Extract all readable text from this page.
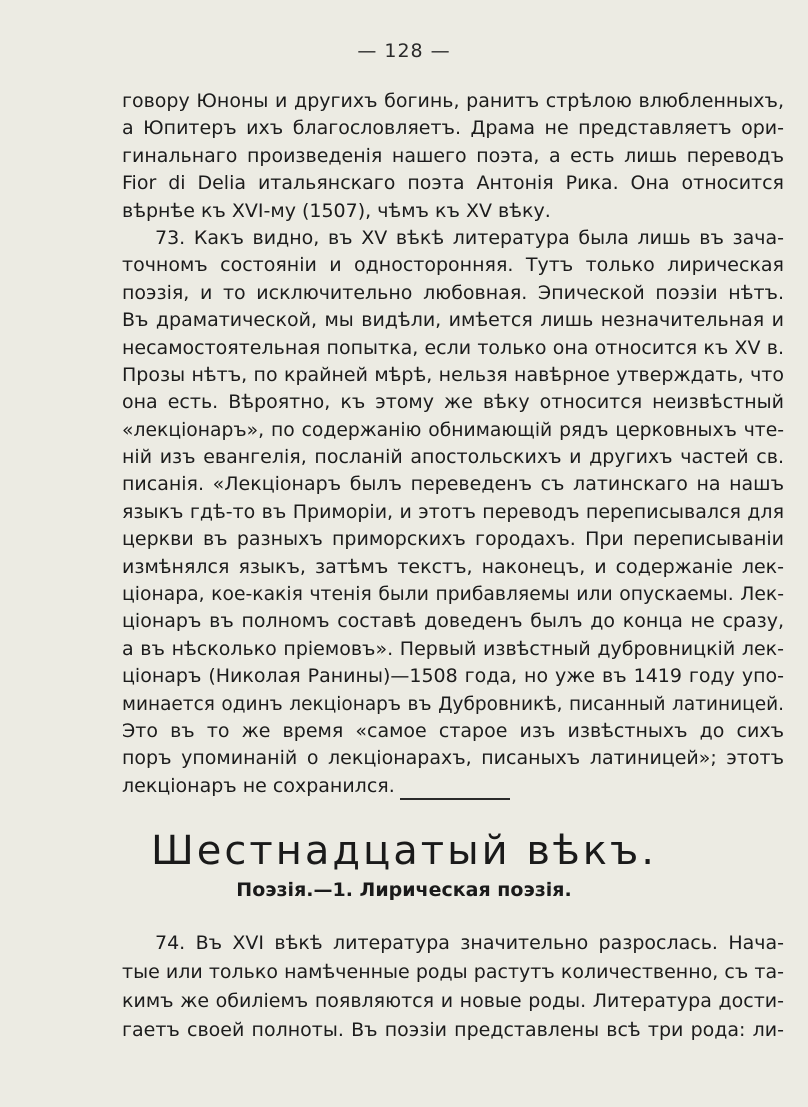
— 128 —
говору Юноны и другихъ богинь, ранитъ стрѣлою влюбленныхъ,
а Юпитеръ ихъ благословляетъ. Драма не представляетъ ори-
гинальнаго произведенія нашего поэта, а есть лишь переводъ
Fior di Delia итальянскаго поэта Антонія Рика. Она относится
вѣрнѣе къ XVI-му (1507), чѣмъ къ XV вѣку.
73. Какъ видно, въ XV вѣкѣ литература была лишь въ зача-
точномъ состояніи и односторонняя. Тутъ только лирическая
поэзія, и то исключительно любовная. Эпической поэзіи нѣтъ.
Въ драматической, мы видѣли, имѣется лишь незначительная и
несамостоятельная попытка, если только она относится къ XV в.
Прозы нѣтъ, по крайней мѣрѣ, нельзя навѣрное утверждать, что
она есть. Вѣроятно, къ этому же вѣку относится неизвѣстный
«лекціонаръ», по содержанію обнимающій рядъ церковныхъ чте-
ній изъ евангелія, посланій апостольскихъ и другихъ частей св.
писанія. «Лекціонаръ былъ переведенъ съ латинскаго на нашъ
языкъ гдѣ-то въ Приморіи, и этотъ переводъ переписывался для
церкви въ разныхъ приморскихъ городахъ. При переписываніи
измѣнялся языкъ, затѣмъ текстъ, наконецъ, и содержаніе лек-
ціонара, кое-какія чтенія были прибавляемы или опускаемы. Лек-
ціонаръ въ полномъ составѣ доведенъ былъ до конца не сразу,
а въ нѣсколько пріемовъ». Первый извѣстный дубровницкій лек-
ціонаръ (Николая Ранины)—1508 года, но уже въ 1419 году упо-
минается одинъ лекціонаръ въ Дубровникѣ, писанный латиницей.
Это въ то же время «самое старое изъ извѣстныхъ до сихъ
поръ упоминаній о лекціонарахъ, писаныхъ латиницей»; этотъ
лекціонаръ не сохранился.
Шестнадцатый вѣкъ.
Поэзія.—1. Лирическая поэзія.
74. Въ XVI вѣкѣ литература значительно разрослась. Нача-
тые или только намѣченные роды растутъ количественно, съ та-
кимъ же обиліемъ появляются и новые роды. Литература дости-
гаетъ своей полноты. Въ поэзіи представлены всѣ три рода: ли-
